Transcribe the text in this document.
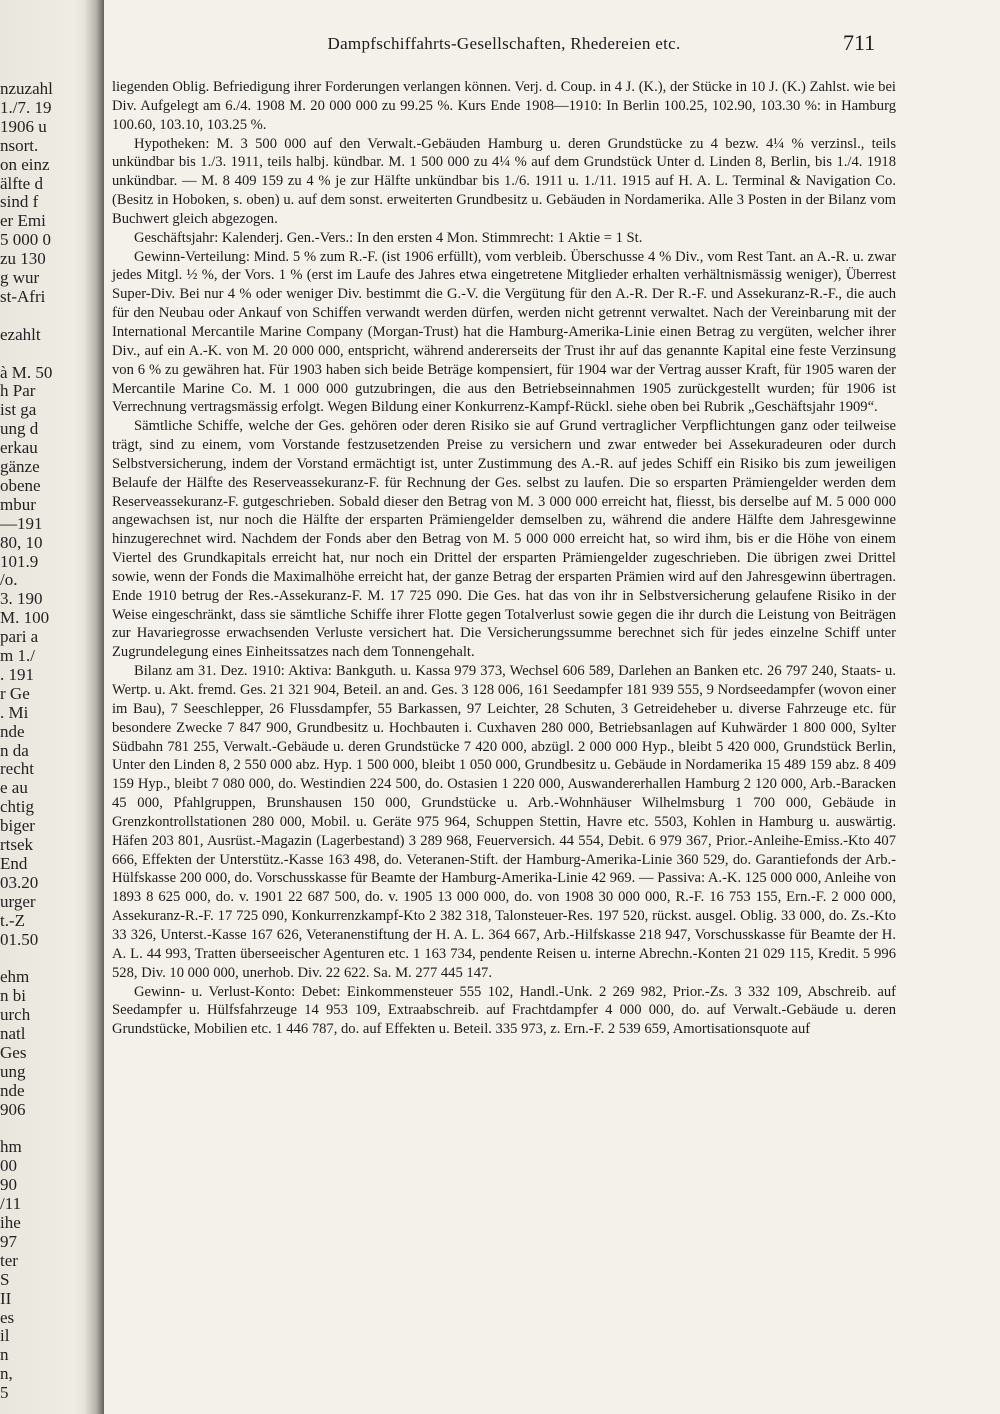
nzuzahl
1./7. 19
1906 u
nsort.
on einz
älfte d
sind f
er Emi
5 000 0
zu 130
g wur
st-Afri
ezahlt
à M. 50
h Par
ist ga
ung d
erkau
gänze
obene
mbur
—191
80, 10
101.9
/o.
3. 190
M. 100
pari a
m 1./
. 191
r Ge
. Mi
nde
n da
recht
e au
chtig
biger
rtsek
End
03.20
urger
t.-Z
01.50
ehm
n bi
urch
natl
Ges
ung
nde
906
hm
00
90
/11
ihe
97
ter
S
II
es
il
n
n,
5
Dampfschiffahrts-Gesellschaften, Rhedereien etc.	711

liegenden Oblig. Befriedigung ihrer Forderungen verlangen können. Verj. d. Coup. in 4 J. (K.), der Stücke in 10 J. (K.) Zahlst. wie bei Div. Aufgelegt am 6./4. 1908 M. 20 000 000 zu 99.25 %. Kurs Ende 1908—1910: In Berlin 100.25, 102.90, 103.30 %: in Hamburg 100.60, 103.10, 103.25 %.

Hypotheken: M. 3 500 000 auf den Verwalt.-Gebäuden Hamburg u. deren Grundstücke zu 4 bezw. 4¼ % verzinsl., teils unkündbar bis 1./3. 1911, teils halbj. kündbar. M. 1 500 000 zu 4¼ % auf dem Grundstück Unter d. Linden 8, Berlin, bis 1./4. 1918 unkündbar. — M. 8 409 159 zu 4 % je zur Hälfte unkündbar bis 1./6. 1911 u. 1./11. 1915 auf H. A. L. Terminal & Navigation Co. (Besitz in Hoboken, s. oben) u. auf dem sonst. erweiterten Grundbesitz u. Gebäuden in Nordamerika. Alle 3 Posten in der Bilanz vom Buchwert gleich abgezogen.

Geschäftsjahr: Kalenderj. Gen.-Vers.: In den ersten 4 Mon. Stimmrecht: 1 Aktie = 1 St.

Gewinn-Verteilung: Mind. 5 % zum R.-F. (ist 1906 erfüllt), vom verbleib. Überschusse 4 % Div., vom Rest Tant. an A.-R. u. zwar jedes Mitgl. ½ %, der Vors. 1 % (erst im Laufe des Jahres etwa eingetretene Mitglieder erhalten verhältnismässig weniger), Überrest Super-Div. Bei nur 4 % oder weniger Div. bestimmt die G.-V. die Vergütung für den A.-R. Der R.-F. und Assekuranz-R.-F., die auch für den Neubau oder Ankauf von Schiffen verwandt werden dürfen, werden nicht getrennt verwaltet. Nach der Vereinbarung mit der International Mercantile Marine Company (Morgan-Trust) hat die Hamburg-Amerika-Linie einen Betrag zu vergüten, welcher ihrer Div., auf ein A.-K. von M. 20 000 000, entspricht, während andererseits der Trust ihr auf das genannte Kapital eine feste Verzinsung von 6 % zu gewähren hat. Für 1903 haben sich beide Beträge kompensiert, für 1904 war der Vertrag ausser Kraft, für 1905 waren der Mercantile Marine Co. M. 1 000 000 gutzubringen, die aus den Betriebseinnahmen 1905 zurückgestellt wurden; für 1906 ist Verrechnung vertragsmässig erfolgt. Wegen Bildung einer Konkurrenz-Kampf-Rückl. siehe oben bei Rubrik „Geschäftsjahr 1909“.

Sämtliche Schiffe, welche der Ges. gehören oder deren Risiko sie auf Grund vertraglicher Verpflichtungen ganz oder teilweise trägt, sind zu einem, vom Vorstande festzusetzenden Preise zu versichern und zwar entweder bei Assekuradeuren oder durch Selbstversicherung, indem der Vorstand ermächtigt ist, unter Zustimmung des A.-R. auf jedes Schiff ein Risiko bis zum jeweiligen Belaufe der Hälfte des Reserveassekuranz-F. für Rechnung der Ges. selbst zu laufen. Die so ersparten Prämiengelder werden dem Reserveassekuranz-F. gutgeschrieben. Sobald dieser den Betrag von M. 3 000 000 erreicht hat, fliesst, bis derselbe auf M. 5 000 000 angewachsen ist, nur noch die Hälfte der ersparten Prämiengelder demselben zu, während die andere Hälfte dem Jahresgewinne hinzugerechnet wird. Nachdem der Fonds aber den Betrag von M. 5 000 000 erreicht hat, so wird ihm, bis er die Höhe von einem Viertel des Grundkapitals erreicht hat, nur noch ein Drittel der ersparten Prämiengelder zugeschrieben. Die übrigen zwei Drittel sowie, wenn der Fonds die Maximalhöhe erreicht hat, der ganze Betrag der ersparten Prämien wird auf den Jahresgewinn übertragen. Ende 1910 betrug der Res.-Assekuranz-F. M. 17 725 090. Die Ges. hat das von ihr in Selbstversicherung gelaufene Risiko in der Weise eingeschränkt, dass sie sämtliche Schiffe ihrer Flotte gegen Totalverlust sowie gegen die ihr durch die Leistung von Beiträgen zur Havariegrosse erwachsenden Verluste versichert hat. Die Versicherungssumme berechnet sich für jedes einzelne Schiff unter Zugrundelegung eines Einheitssatzes nach dem Tonnengehalt.

Bilanz am 31. Dez. 1910: Aktiva: Bankguth. u. Kassa 979 373, Wechsel 606 589, Darlehen an Banken etc. 26 797 240, Staats- u. Wertp. u. Akt. fremd. Ges. 21 321 904, Beteil. an and. Ges. 3 128 006, 161 Seedampfer 181 939 555, 9 Nordseedampfer (wovon einer im Bau), 7 Seeschlepper, 26 Flussdampfer, 55 Barkassen, 97 Leichter, 28 Schuten, 3 Getreideheber u. diverse Fahrzeuge etc. für besondere Zwecke 7 847 900, Grundbesitz u. Hochbauten i. Cuxhaven 280 000, Betriebsanlagen auf Kuhwärder 1 800 000, Sylter Südbahn 781 255, Verwalt.-Gebäude u. deren Grundstücke 7 420 000, abzügl. 2 000 000 Hyp., bleibt 5 420 000, Grundstück Berlin, Unter den Linden 8, 2 550 000 abz. Hyp. 1 500 000, bleibt 1 050 000, Grundbesitz u. Gebäude in Nordamerika 15 489 159 abz. 8 409 159 Hyp., bleibt 7 080 000, do. Westindien 224 500, do. Ostasien 1 220 000, Auswandererhallen Hamburg 2 120 000, Arb.-Baracken 45 000, Pfahlgruppen, Brunshausen 150 000, Grundstücke u. Arb.-Wohnhäuser Wilhelmsburg 1 700 000, Gebäude in Grenzkontrollstationen 280 000, Mobil. u. Geräte 975 964, Schuppen Stettin, Havre etc. 5503, Kohlen in Hamburg u. auswärtig. Häfen 203 801, Ausrüst.-Magazin (Lagerbestand) 3 289 968, Feuerversich. 44 554, Debit. 6 979 367, Prior.-Anleihe-Emiss.-Kto 407 666, Effekten der Unterstütz.-Kasse 163 498, do. Veteranen-Stift. der Hamburg-Amerika-Linie 360 529, do. Garantiefonds der Arb.-Hülfskasse 200 000, do. Vorschusskasse für Beamte der Hamburg-Amerika-Linie 42 969. — Passiva: A.-K. 125 000 000, Anleihe von 1893 8 625 000, do. v. 1901 22 687 500, do. v. 1905 13 000 000, do. von 1908 30 000 000, R.-F. 16 753 155, Ern.-F. 2 000 000, Assekuranz-R.-F. 17 725 090, Konkurrenzkampf-Kto 2 382 318, Talonsteuer-Res. 197 520, rückst. ausgel. Oblig. 33 000, do. Zs.-Kto 33 326, Unterst.-Kasse 167 626, Veteranenstiftung der H. A. L. 364 667, Arb.-Hilfskasse 218 947, Vorschusskasse für Beamte der H. A. L. 44 993, Tratten überseeischer Agenturen etc. 1 163 734, pendente Reisen u. interne Abrechn.-Konten 21 029 115, Kredit. 5 996 528, Div. 10 000 000, unerhob. Div. 22 622. Sa. M. 277 445 147.

Gewinn- u. Verlust-Konto: Debet: Einkommensteuer 555 102, Handl.-Unk. 2 269 982, Prior.-Zs. 3 332 109, Abschreib. auf Seedampfer u. Hülfsfahrzeuge 14 953 109, Extraabschreib. auf Frachtdampfer 4 000 000, do. auf Verwalt.-Gebäude u. deren Grundstücke, Mobilien etc. 1 446 787, do. auf Effekten u. Beteil. 335 973, z. Ern.-F. 2 539 659, Amortisationsquote auf
